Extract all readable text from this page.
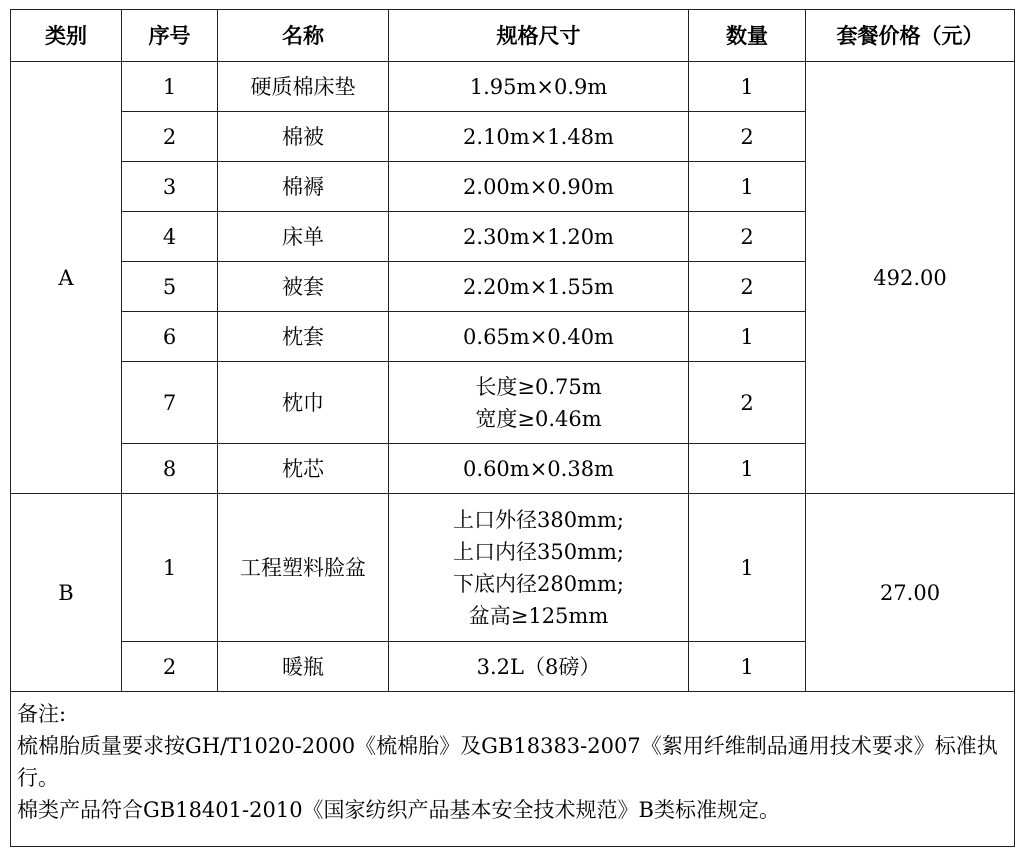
类别	序号	名称	规格尺寸	数量	套餐价格（元）
A	1	硬质棉床垫	1.95m×0.9m	1	492.00
	2	棉被	2.10m×1.48m	2	
	3	棉褥	2.00m×0.90m	1	
	4	床单	2.30m×1.20m	2	
	5	被套	2.20m×1.55m	2	
	6	枕套	0.65m×0.40m	1	
	7	枕巾	长度≥0.75m
宽度≥0.46m	2	
	8	枕芯	0.60m×0.38m	1	
B	1	工程塑料脸盆	上口外径380mm;
上口内径350mm;
下底内径280mm;
盆高≥125mm	1	27.00
	2	暖瓶	3.2L（8磅）	1	

备注:
梳棉胎质量要求按GH/T1020-2000《梳棉胎》及GB18383-2007《絮用纤维制品通用技术要求》标准执行。
棉类产品符合GB18401-2010《国家纺织产品基本安全技术规范》B类标准规定。					
